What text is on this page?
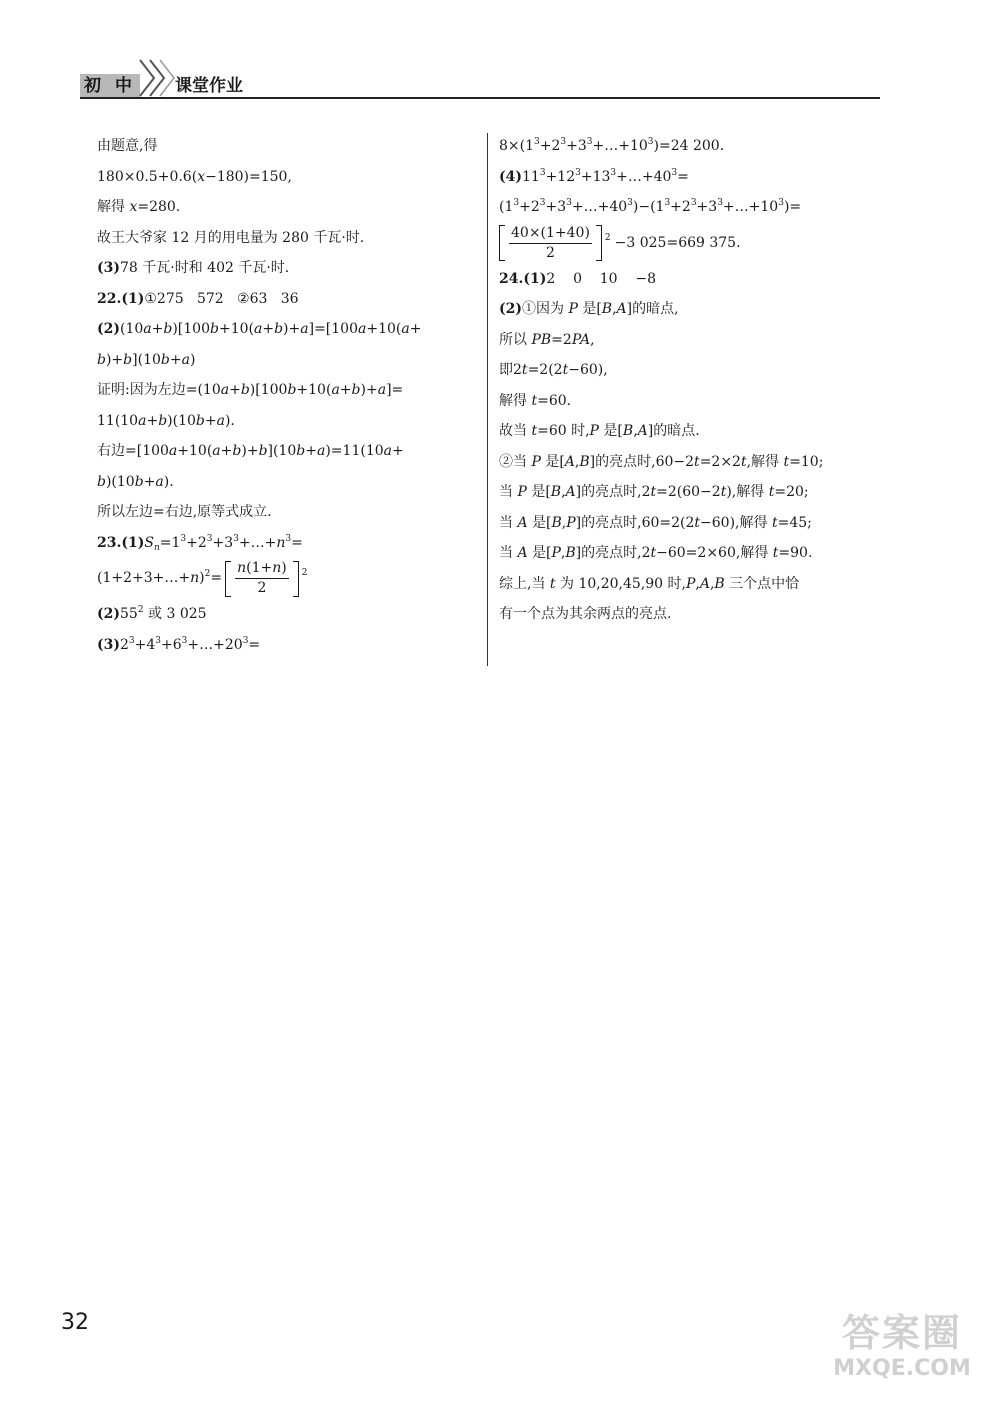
初 中 课堂作业
由题意,得
180×0.5+0.6(x−180)=150,
解得 x=280.
故王大爷家 12 月的用电量为 280 千瓦·时.
(3)78 千瓦·时和 402 千瓦·时.
22.(1)①275   572   ②63   36
(2)(10a+b)[100b+10(a+b)+a]=[100a+10(a+
b)+b](10b+a)
证明:因为左边=(10a+b)[100b+10(a+b)+a]=
11(10a+b)(10b+a).
右边=[100a+10(a+b)+b](10b+a)=11(10a+
b)(10b+a).
所以左边=右边,原等式成立.
$23.(1)S_n=1^3+2^3+3^3+\dots+n^3=$
(1+2+3+…+n)$^2$= $\frac{n(1+n)}{2} 2$
$(2)55^2$ 或 3 025
$(3)2^3+4^3+6^3+\dots+20^3=$
$8\times(1^3+2^3+3^3+\dots+10^3)=24$ 200.
$(4)11^3+12^3+13^3+\dots+40^3=$
$(1^3+2^3+3^3+\dots+40^3)-(1^3+2^3+3^3+\dots+10^3)=$
$\frac{40\times(1+40)}{2} 2 -3$ 025=669 375.
24.(1)2    0    10    −8
(2)①因为 P 是[B,A]的暗点,
所以 PB=2PA,
即2t=2(2t−60),
解得 t=60.
故当 t=60 时,P 是[B,A]的暗点.
②当 P 是[A,B]的亮点时,60−2t=2×2t,解得 t=10;
当 P 是[B,A]的亮点时,2t=2(60−2t),解得 t=20;
当 A 是[B,P]的亮点时,60=2(2t−60),解得 t=45;
当 A 是[P,B]的亮点时,2t−60=2×60,解得 t=90.
综上,当 t 为 10,20,45,90 时,P,A,B 三个点中恰
有一个点为其余两点的亮点.
32	答案圈
MXQE.COM
